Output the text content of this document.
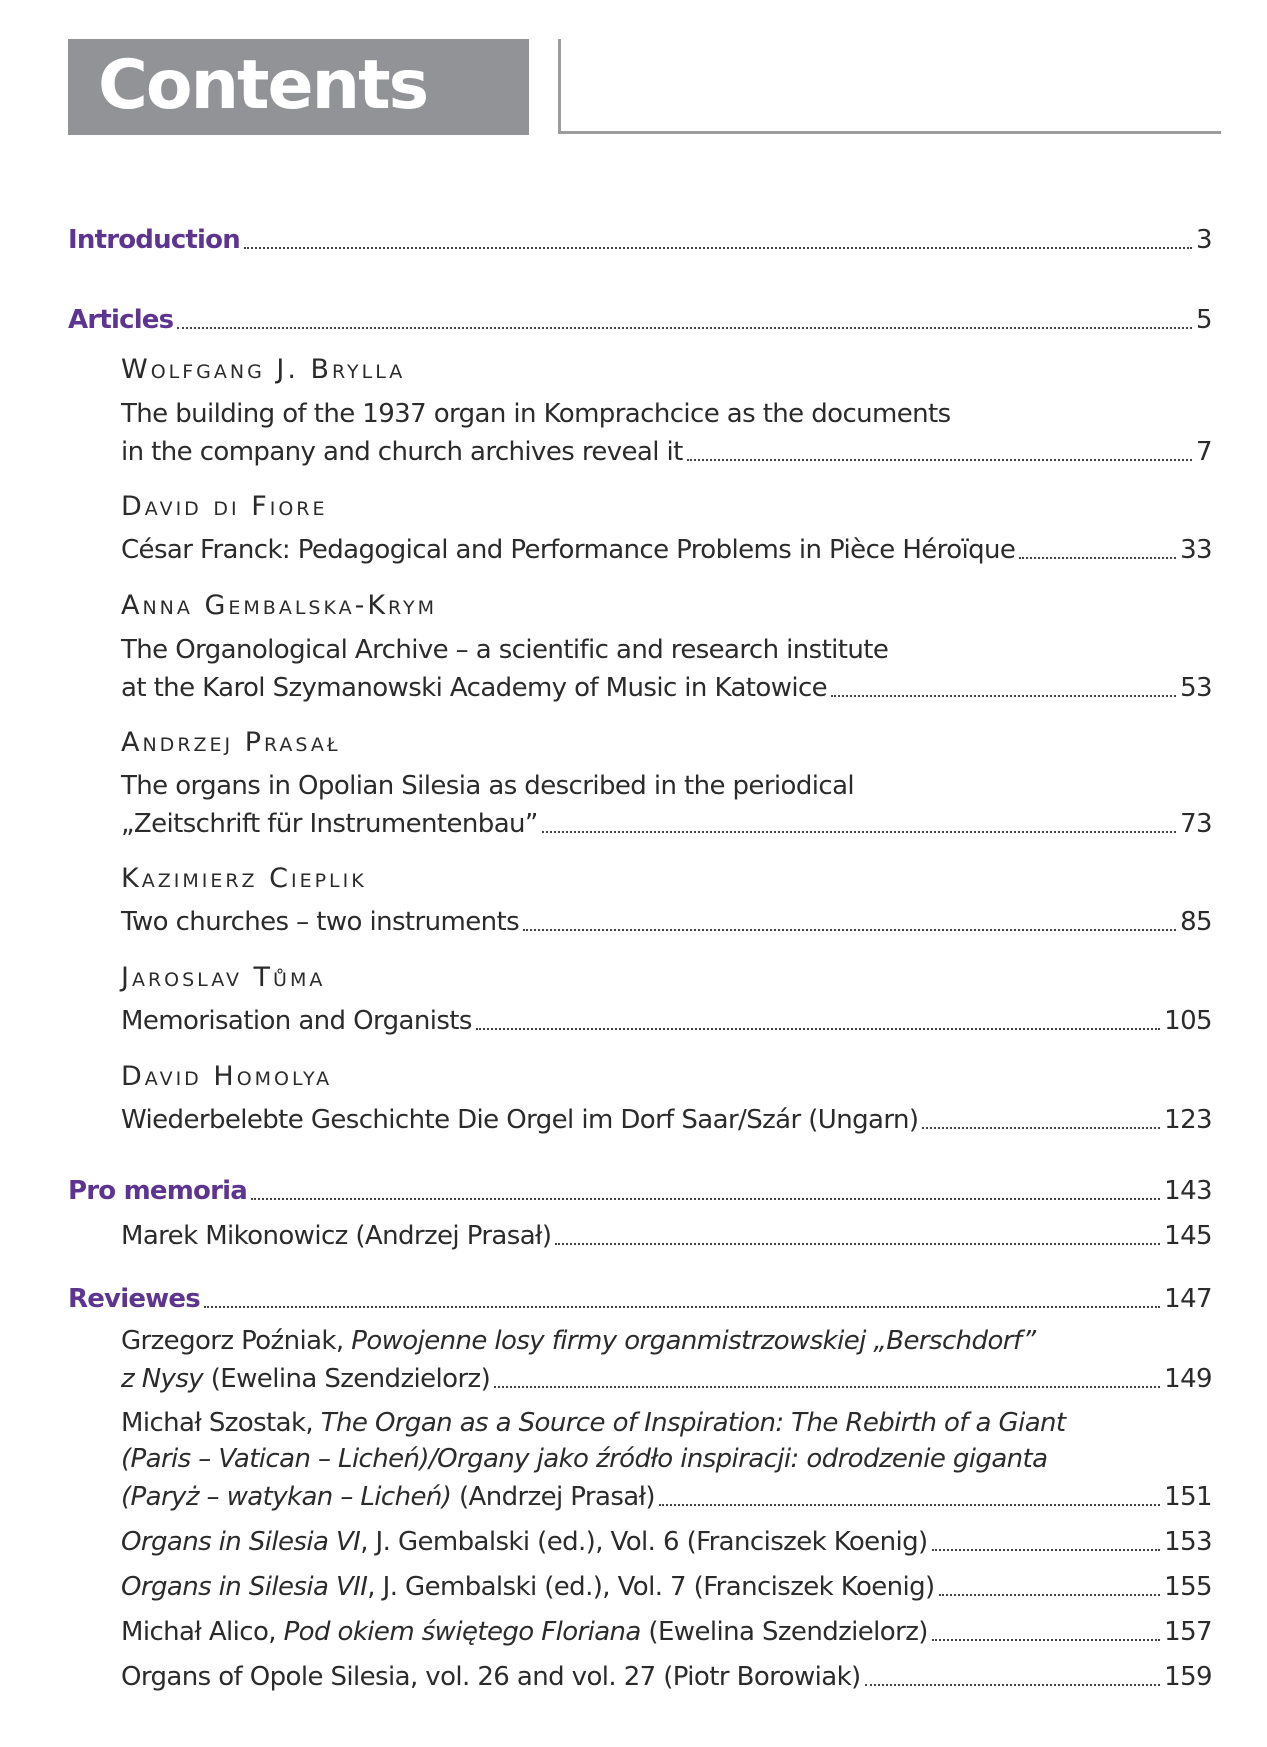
Contents
Introduction	3
Articles	5
Wolfgang J. Brylla
The building of the 1937 organ in Komprachcice as the documents
in the company and church archives reveal it	7
David di Fiore
César Franck: Pedagogical and Performance Problems in Pièce Héroïque	33
Anna Gembalska-Krym
The Organological Archive – a scientific and research institute
at the Karol Szymanowski Academy of Music in Katowice	53
Andrzej Prasał
The organs in Opolian Silesia as described in the periodical
„Zeitschrift für Instrumentenbau”	73
Kazimierz Cieplik
Two churches – two instruments	85
Jaroslav Tůma
Memorisation and Organists	105
David Homolya
Wiederbelebte Geschichte Die Orgel im Dorf Saar/Szár (Ungarn)	123
Pro memoria	143
Marek Mikonowicz (Andrzej Prasał)	145
Reviewes	147
Grzegorz Poźniak, Powojenne losy firmy organmistrzowskiej „Berschdorf”
z Nysy (Ewelina Szendzielorz)	149
Michał Szostak, The Organ as a Source of Inspiration: The Rebirth of a Giant
(Paris – Vatican – Licheń)/Organy jako źródło inspiracji: odrodzenie giganta
(Paryż – watykan – Licheń) (Andrzej Prasał)	151
Organs in Silesia VI, J. Gembalski (ed.), Vol. 6 (Franciszek Koenig)	153
Organs in Silesia VII, J. Gembalski (ed.), Vol. 7 (Franciszek Koenig)	155
Michał Alico, Pod okiem świętego Floriana (Ewelina Szendzielorz)	157
Organs of Opole Silesia, vol. 26 and vol. 27 (Piotr Borowiak)	159
